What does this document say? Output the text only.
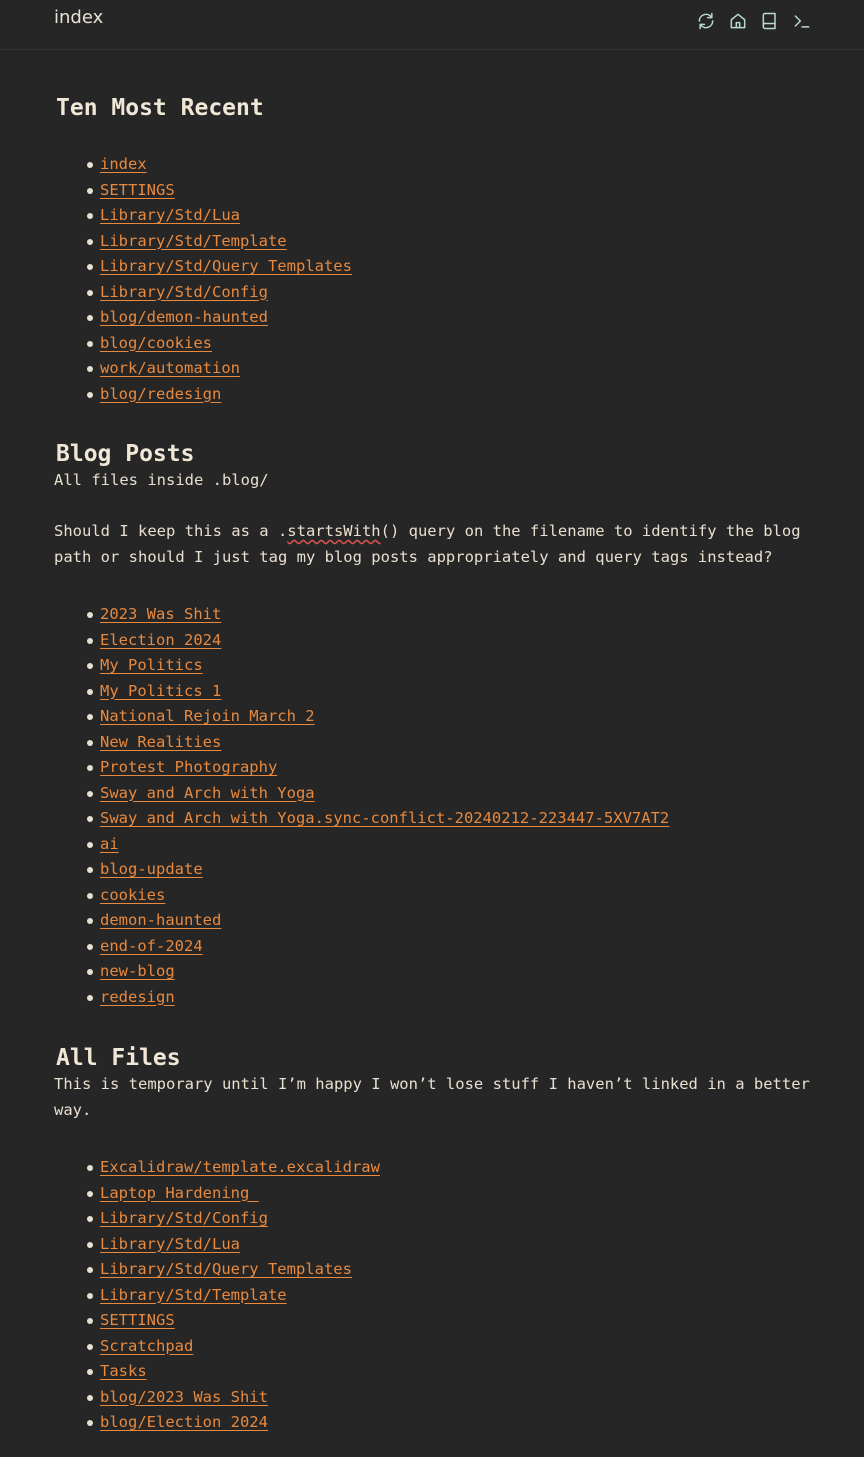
index
Ten Most Recent
index
SETTINGS
Library/Std/Lua
Library/Std/Template
Library/Std/Query Templates
Library/Std/Config
blog/demon-haunted
blog/cookies
work/automation
blog/redesign
Blog Posts

All files inside .blog/

Should I keep this as a .startsWith() query on the filename to identify the blog path or should I just tag my blog posts appropriately and query tags instead?

2023 Was Shit
Election 2024
My Politics
My Politics 1
National Rejoin March 2
New Realities
Protest Photography
Sway and Arch with Yoga
Sway and Arch with Yoga.sync-conflict-20240212-223447-5XV7AT2
ai
blog-update
cookies
demon-haunted
end-of-2024
new-blog
redesign
All Files

This is temporary until I’m happy I won’t lose stuff I haven’t linked in a better way.

Excalidraw/template.excalidraw
Laptop Hardening_
Library/Std/Config
Library/Std/Lua
Library/Std/Query Templates
Library/Std/Template
SETTINGS
Scratchpad
Tasks
blog/2023 Was Shit
blog/Election 2024
